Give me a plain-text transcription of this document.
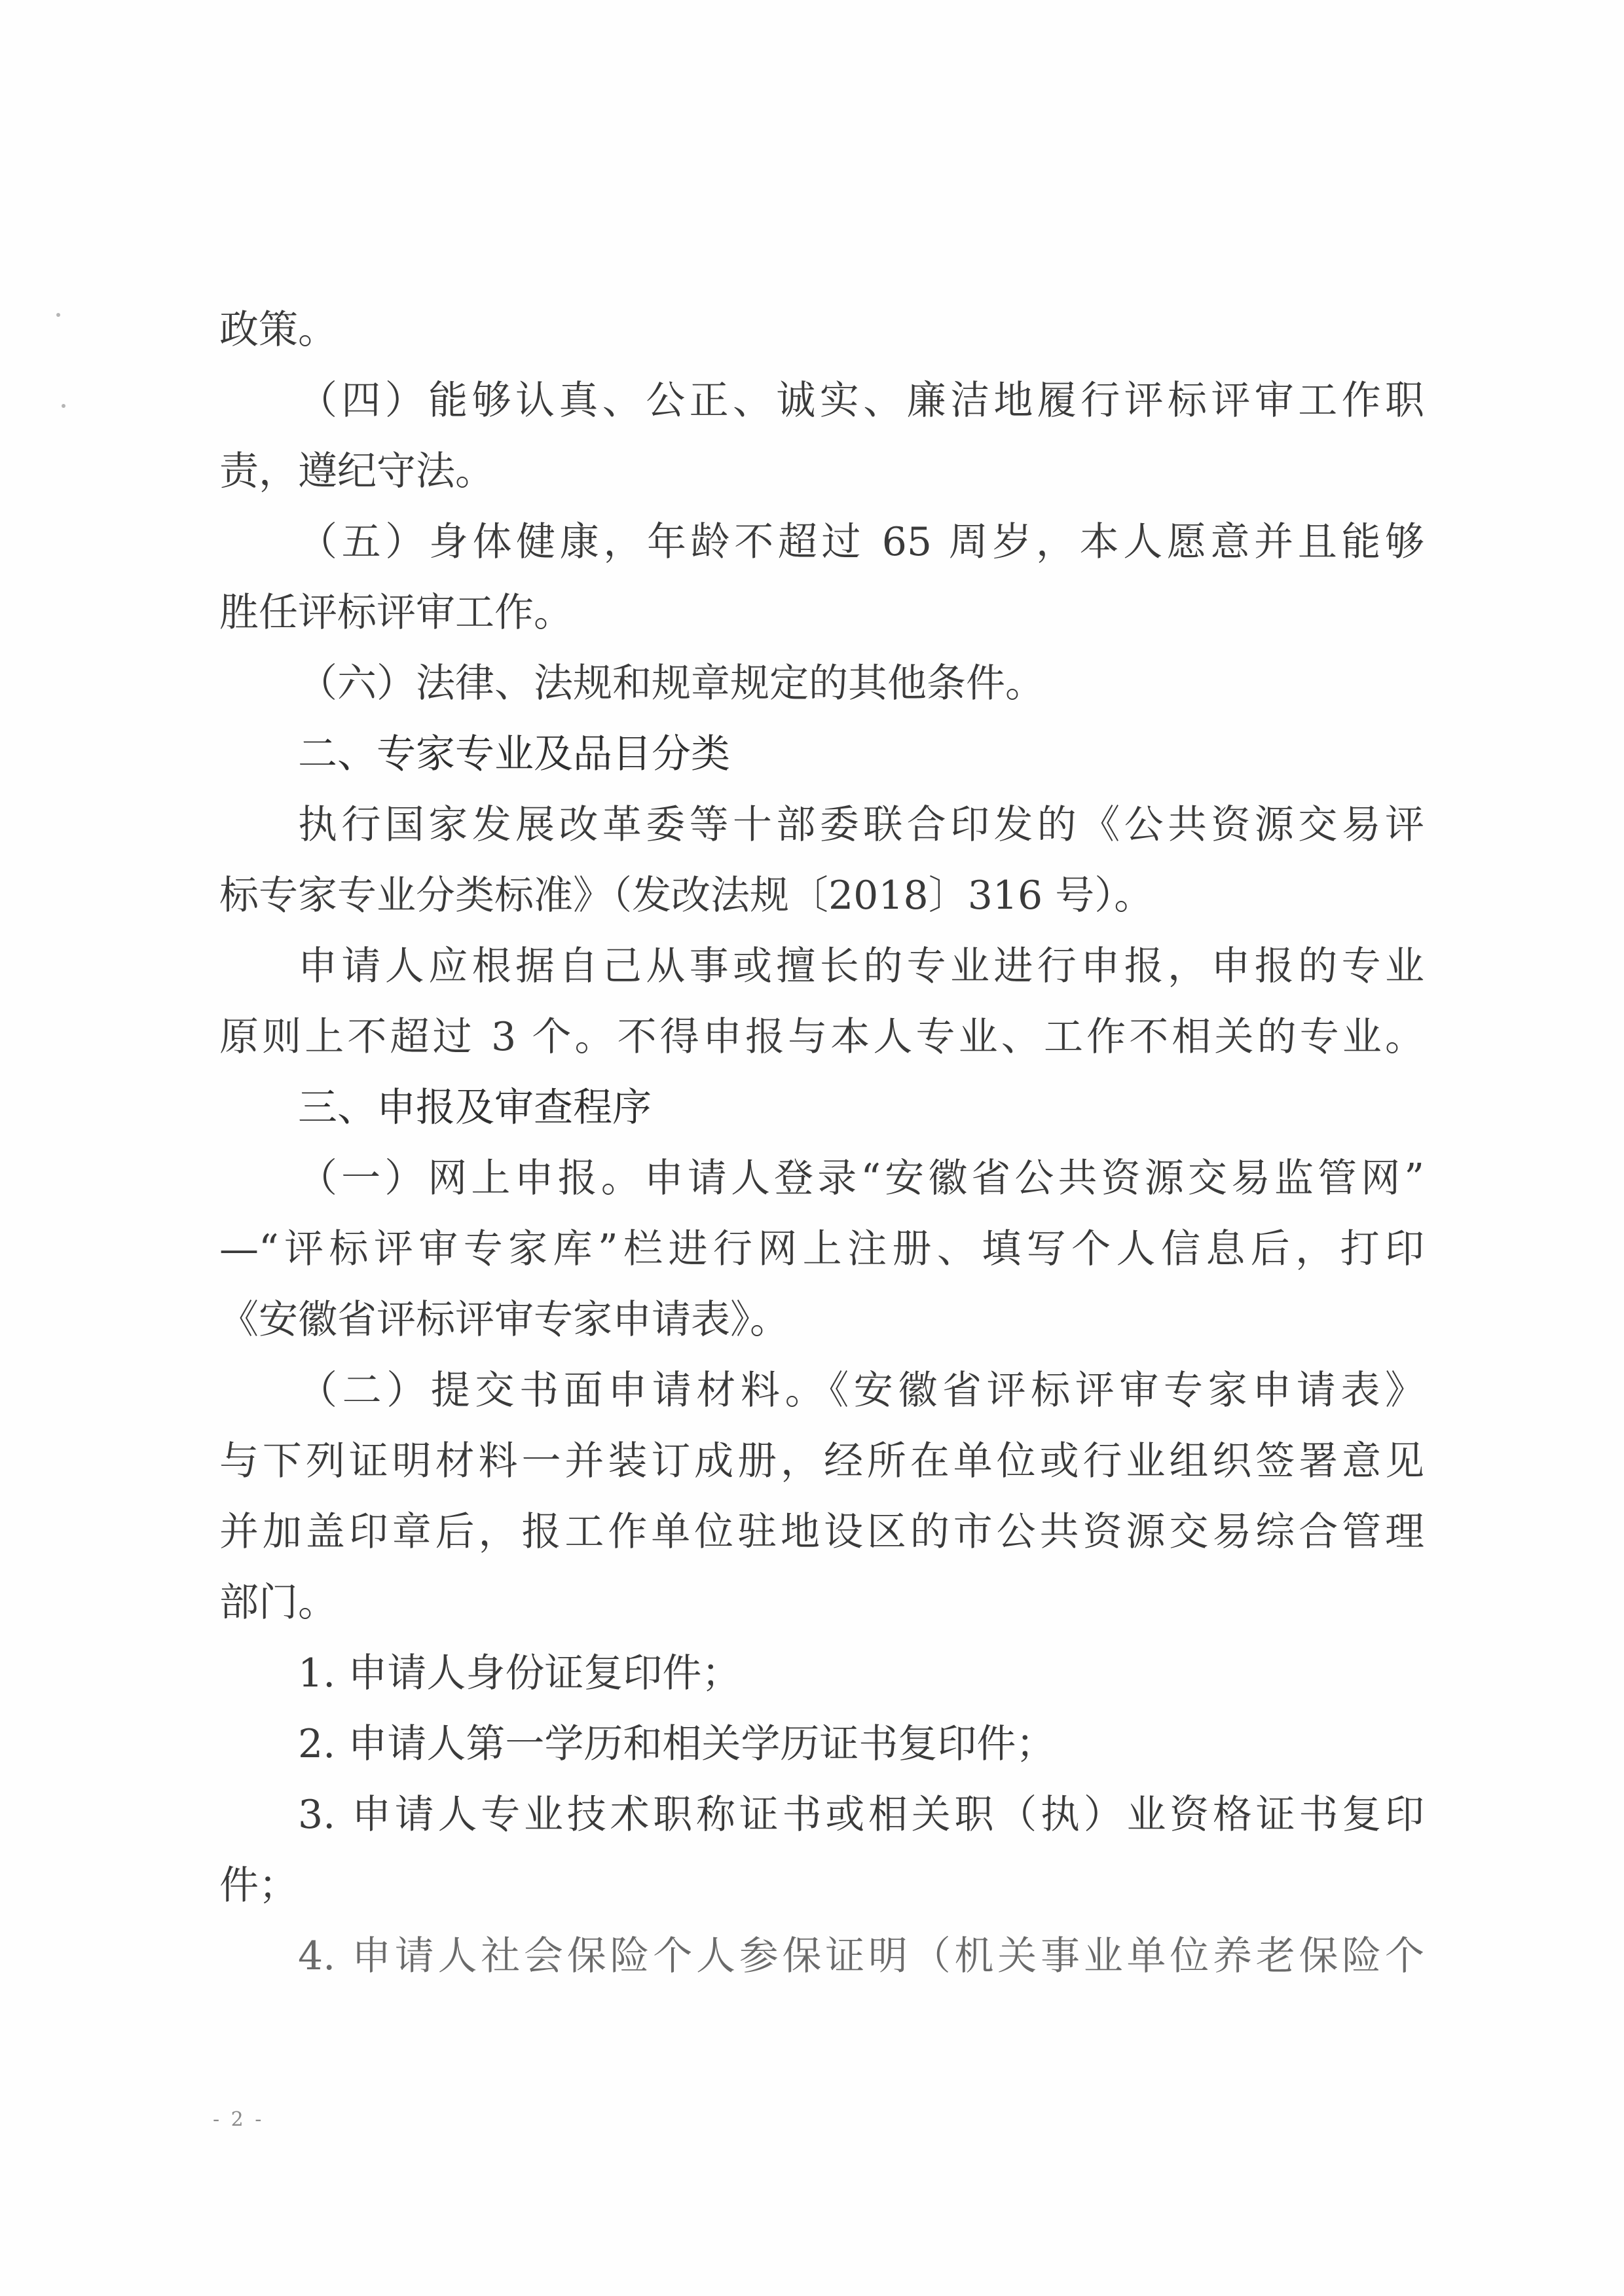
政策。
（四）能够认真、公正、诚实、廉洁地履行评标评审工作职
责，遵纪守法。
（五）身体健康，年龄不超过 65 周岁，本人愿意并且能够
胜任评标评审工作。
（六）法律、法规和规章规定的其他条件。
二、专家专业及品目分类
执行国家发展改革委等十部委联合印发的《公共资源交易评
标专家专业分类标准》（发改法规〔2018〕316 号）。
申请人应根据自己从事或擅长的专业进行申报，申报的专业
原则上不超过 3 个。不得申报与本人专业、工作不相关的专业。
三、申报及审查程序
（一）网上申报。申请人登录“安徽省公共资源交易监管网”
—“评标评审专家库”栏进行网上注册、填写个人信息后，打印
《安徽省评标评审专家申请表》。
（二）提交书面申请材料。《安徽省评标评审专家申请表》
与下列证明材料一并装订成册，经所在单位或行业组织签署意见
并加盖印章后，报工作单位驻地设区的市公共资源交易综合管理
部门。
1. 申请人身份证复印件；
2. 申请人第一学历和相关学历证书复印件；
3. 申请人专业技术职称证书或相关职（执）业资格证书复印
件；
4. 申请人社会保险个人参保证明（机关事业单位养老保险个
- 2 -
